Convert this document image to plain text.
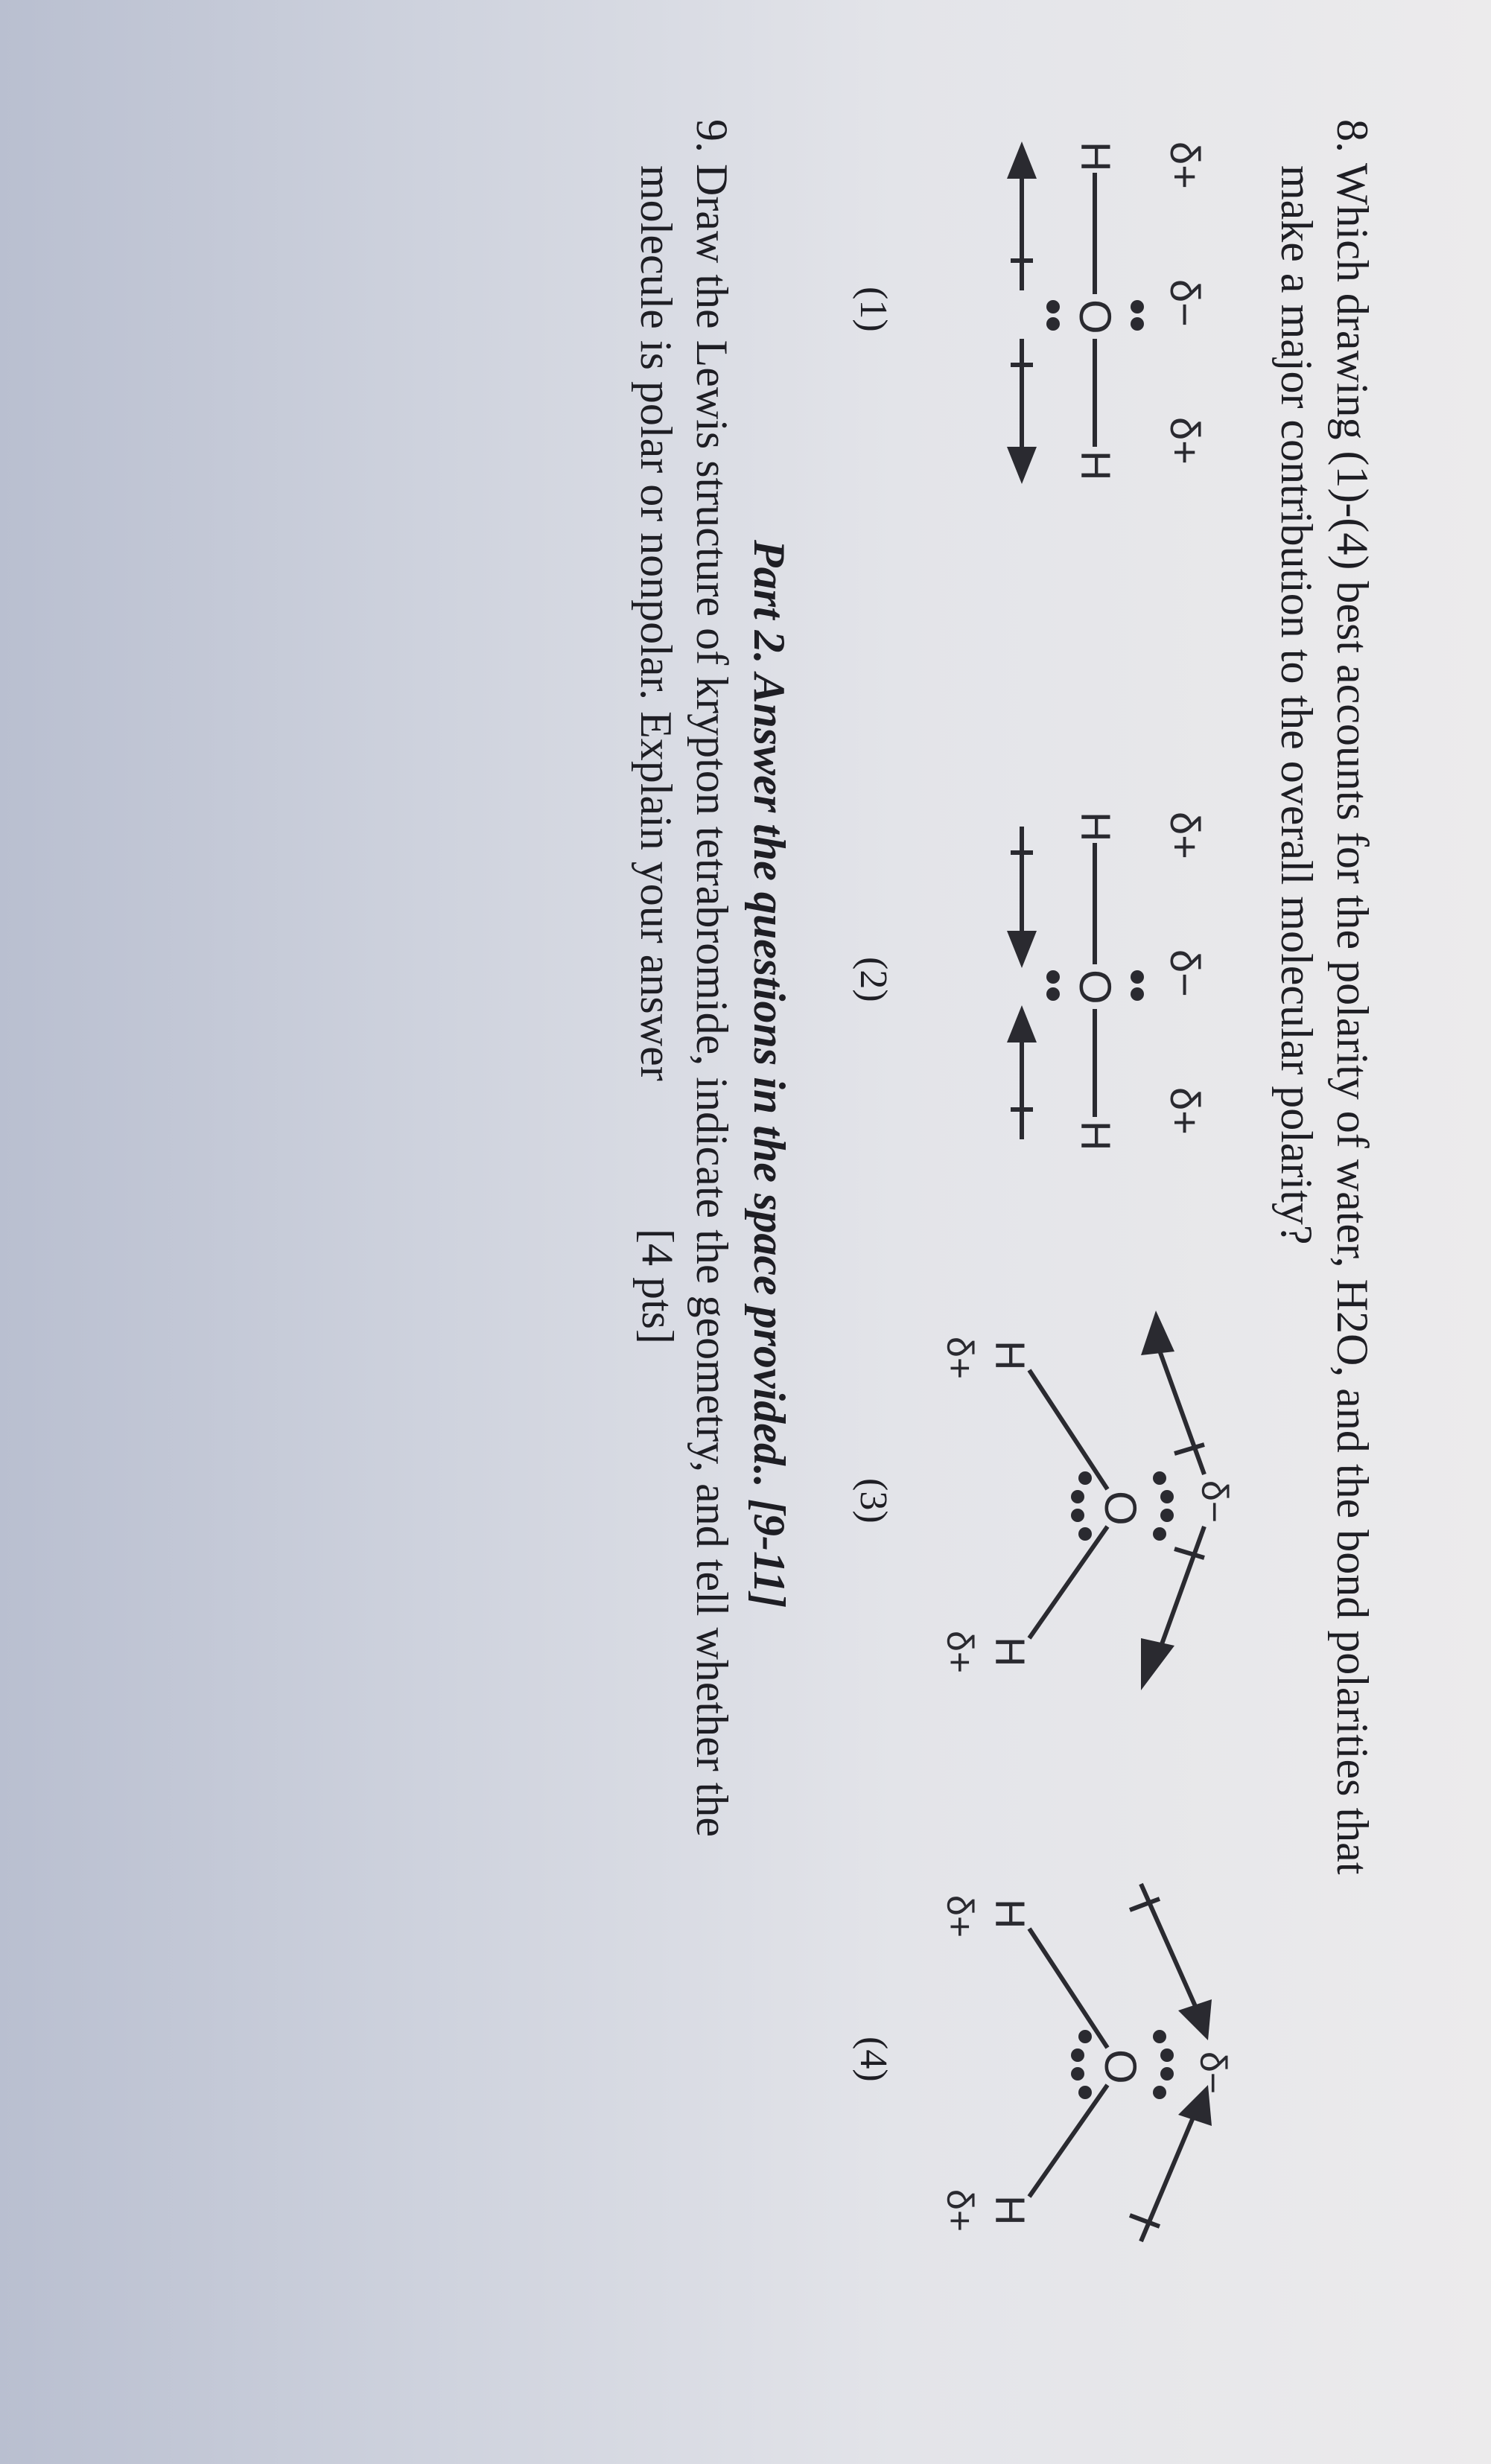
8. Which drawing (1)-(4) best accounts for the polarity of water, H2O, and the bond polarities that
make a major contribution to the overall molecular polarity?
δ+
δ−
δ+
H
O
H
(1)
δ+
δ−
δ+
H
O
H
(2)
δ−
O
H
H
δ+
δ+
(3)
δ−
O
H
H
δ+
δ+
(4)
Part 2. Answer the questions in the space provided.. [9-11]
9. Draw the Lewis structure of krypton tetrabromide, indicate the geometry, and tell whether the
molecule is polar or nonpolar. Explain your answer
[4 pts]
